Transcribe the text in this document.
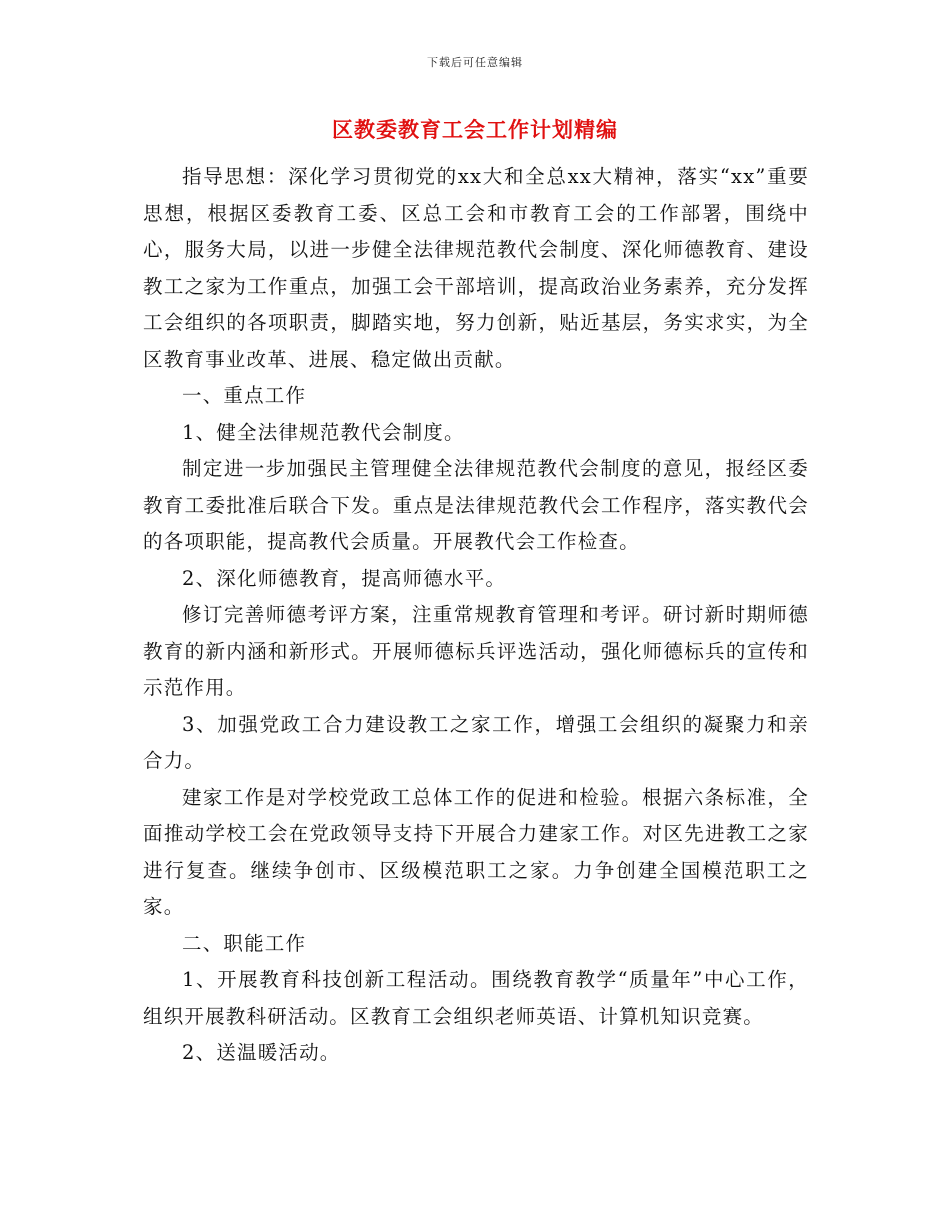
下载后可任意编辑
区教委教育工会工作计划精编

指导思想：深化学习贯彻党的xx大和全总xx大精神，落实“xx”重要思想，根据区委教育工委、区总工会和市教育工会的工作部署，围绕中心，服务大局，以进一步健全法律规范教代会制度、深化师德教育、建设教工之家为工作重点，加强工会干部培训，提高政治业务素养，充分发挥工会组织的各项职责，脚踏实地，努力创新，贴近基层，务实求实，为全区教育事业改革、进展、稳定做出贡献。

一、重点工作

1、健全法律规范教代会制度。

制定进一步加强民主管理健全法律规范教代会制度的意见，报经区委教育工委批准后联合下发。重点是法律规范教代会工作程序，落实教代会的各项职能，提高教代会质量。开展教代会工作检查。

2、深化师德教育，提高师德水平。

修订完善师德考评方案，注重常规教育管理和考评。研讨新时期师德教育的新内涵和新形式。开展师德标兵评选活动，强化师德标兵的宣传和示范作用。

3、加强党政工合力建设教工之家工作，增强工会组织的凝聚力和亲合力。

建家工作是对学校党政工总体工作的促进和检验。根据六条标准，全面推动学校工会在党政领导支持下开展合力建家工作。对区先进教工之家进行复查。继续争创市、区级模范职工之家。力争创建全国模范职工之家。

二、职能工作

1、开展教育科技创新工程活动。围绕教育教学“质量年”中心工作，组织开展教科研活动。区教育工会组织老师英语、计算机知识竞赛。

2、送温暖活动。
